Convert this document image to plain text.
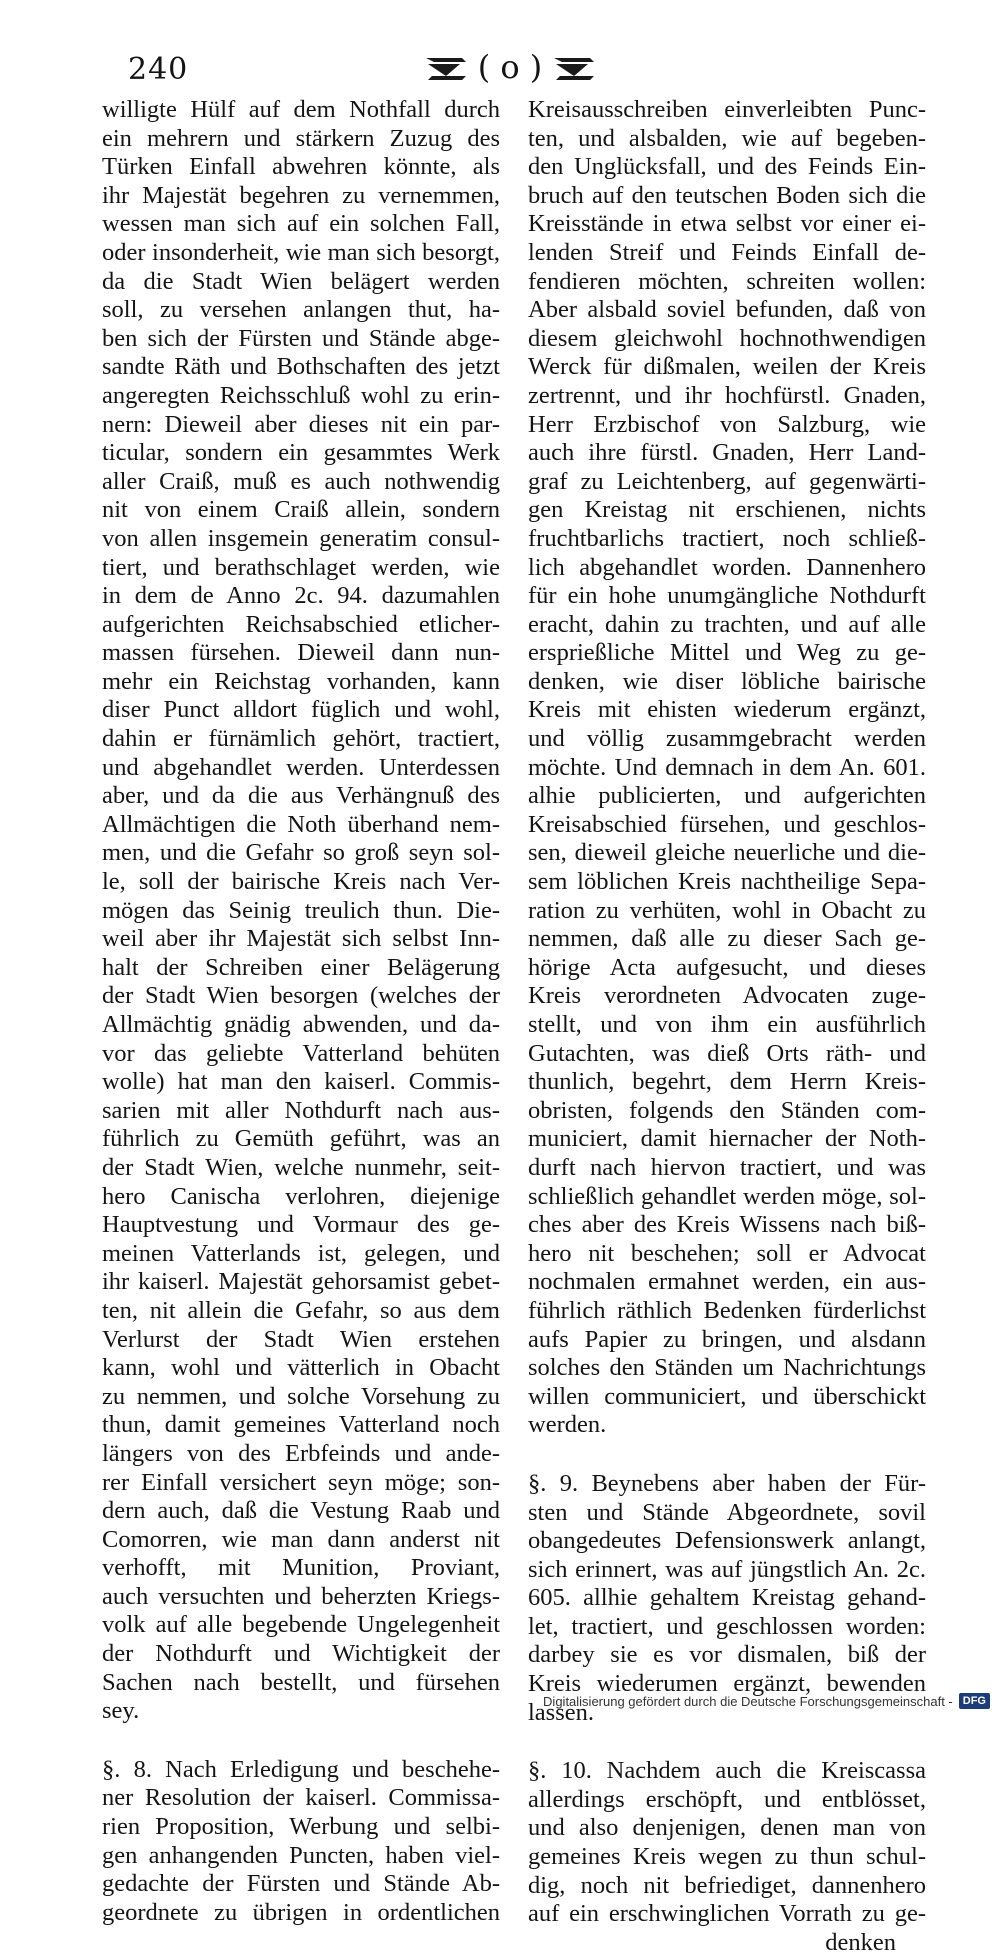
240	( o )
willigte Hülf auf dem Nothfall durch
ein mehrern und stärkern Zuzug des
Türken Einfall abwehren könnte, als
ihr Majestät begehren zu vernemmen,
wessen man sich auf ein solchen Fall,
oder insonderheit, wie man sich besorgt,
da die Stadt Wien belägert werden
soll, zu versehen anlangen thut, ha-
ben sich der Fürsten und Stände abge-
sandte Räth und Bothschaften des jetzt
angeregten Reichsschluß wohl zu erin-
nern: Dieweil aber dieses nit ein par-
ticular, sondern ein gesammtes Werk
aller Craiß, muß es auch nothwendig
nit von einem Craiß allein, sondern
von allen insgemein generatim consul-
tiert, und berathschlaget werden, wie
in dem de Anno 2c. 94. dazumahlen
aufgerichten Reichsabschied etlicher-
massen fürsehen. Dieweil dann nun-
mehr ein Reichstag vorhanden, kann
diser Punct alldort füglich und wohl,
dahin er fürnämlich gehört, tractiert,
und abgehandlet werden. Unterdessen
aber, und da die aus Verhängnuß des
Allmächtigen die Noth überhand nem-
men, und die Gefahr so groß seyn sol-
le, soll der bairische Kreis nach Ver-
mögen das Seinig treulich thun. Die-
weil aber ihr Majestät sich selbst Inn-
halt der Schreiben einer Belägerung
der Stadt Wien besorgen (welches der
Allmächtig gnädig abwenden, und da-
vor das geliebte Vatterland behüten
wolle) hat man den kaiserl. Commis-
sarien mit aller Nothdurft nach aus-
führlich zu Gemüth geführt, was an
der Stadt Wien, welche nunmehr, seit-
hero Canischa verlohren, diejenige
Hauptvestung und Vormaur des ge-
meinen Vatterlands ist, gelegen, und
ihr kaiserl. Majestät gehorsamist gebet-
ten, nit allein die Gefahr, so aus dem
Verlurst der Stadt Wien erstehen
kann, wohl und vätterlich in Obacht
zu nemmen, und solche Vorsehung zu
thun, damit gemeines Vatterland noch
längers von des Erbfeinds und ande-
rer Einfall versichert seyn möge; son-
dern auch, daß die Vestung Raab und
Comorren, wie man dann anderst nit
verhofft, mit Munition, Proviant,
auch versuchten und beherzten Kriegs-
volk auf alle begebende Ungelegenheit
der Nothdurft und Wichtigkeit der
Sachen nach bestellt, und fürsehen
sey.
§. 8. Nach Erledigung und beschehe-
ner Resolution der kaiserl. Commissa-
rien Proposition, Werbung und selbi-
gen anhangenden Puncten, haben viel-
gedachte der Fürsten und Stände Ab-
geordnete zu übrigen in ordentlichen
Kreisausschreiben einverleibten Punc-
ten, und alsbalden, wie auf begeben-
den Unglücksfall, und des Feinds Ein-
bruch auf den teutschen Boden sich die
Kreisstände in etwa selbst vor einer ei-
lenden Streif und Feinds Einfall de-
fendieren möchten, schreiten wollen:
Aber alsbald soviel befunden, daß von
diesem gleichwohl hochnothwendigen
Werck für dißmalen, weilen der Kreis
zertrennt, und ihr hochfürstl. Gnaden,
Herr Erzbischof von Salzburg, wie
auch ihre fürstl. Gnaden, Herr Land-
graf zu Leichtenberg, auf gegenwärti-
gen Kreistag nit erschienen, nichts
fruchtbarlichs tractiert, noch schließ-
lich abgehandlet worden. Dannenhero
für ein hohe unumgängliche Nothdurft
eracht, dahin zu trachten, und auf alle
ersprießliche Mittel und Weg zu ge-
denken, wie diser löbliche bairische
Kreis mit ehisten wiederum ergänzt,
und völlig zusammgebracht werden
möchte. Und demnach in dem An. 601.
alhie publicierten, und aufgerichten
Kreisabschied fürsehen, und geschlos-
sen, dieweil gleiche neuerliche und die-
sem löblichen Kreis nachtheilige Sepa-
ration zu verhüten, wohl in Obacht zu
nemmen, daß alle zu dieser Sach ge-
hörige Acta aufgesucht, und dieses
Kreis verordneten Advocaten zuge-
stellt, und von ihm ein ausführlich
Gutachten, was dieß Orts räth- und
thunlich, begehrt, dem Herrn Kreis-
obristen, folgends den Ständen com-
municiert, damit hiernacher der Noth-
durft nach hiervon tractiert, und was
schließlich gehandlet werden möge, sol-
ches aber des Kreis Wissens nach biß-
hero nit beschehen; soll er Advocat
nochmalen ermahnet werden, ein aus-
führlich räthlich Bedenken fürderlichst
aufs Papier zu bringen, und alsdann
solches den Ständen um Nachrichtungs
willen communiciert, und überschickt
werden.
§. 9. Beynebens aber haben der Für-
sten und Stände Abgeordnete, sovil
obangedeutes Defensionswerk anlangt,
sich erinnert, was auf jüngstlich An. 2c.
605. allhie gehaltem Kreistag gehand-
let, tractiert, und geschlossen worden:
darbey sie es vor dismalen, biß der
Kreis wiederumen ergänzt, bewenden
lassen.
§. 10. Nachdem auch die Kreiscassa
allerdings erschöpft, und entblösset,
und also denjenigen, denen man von
gemeines Kreis wegen zu thun schul-
dig, noch nit befriediget, dannenhero
auf ein erschwinglichen Vorrath zu ge-
denken
Digitalisierung gefördert durch die Deutsche Forschungsgemeinschaft - DFG
